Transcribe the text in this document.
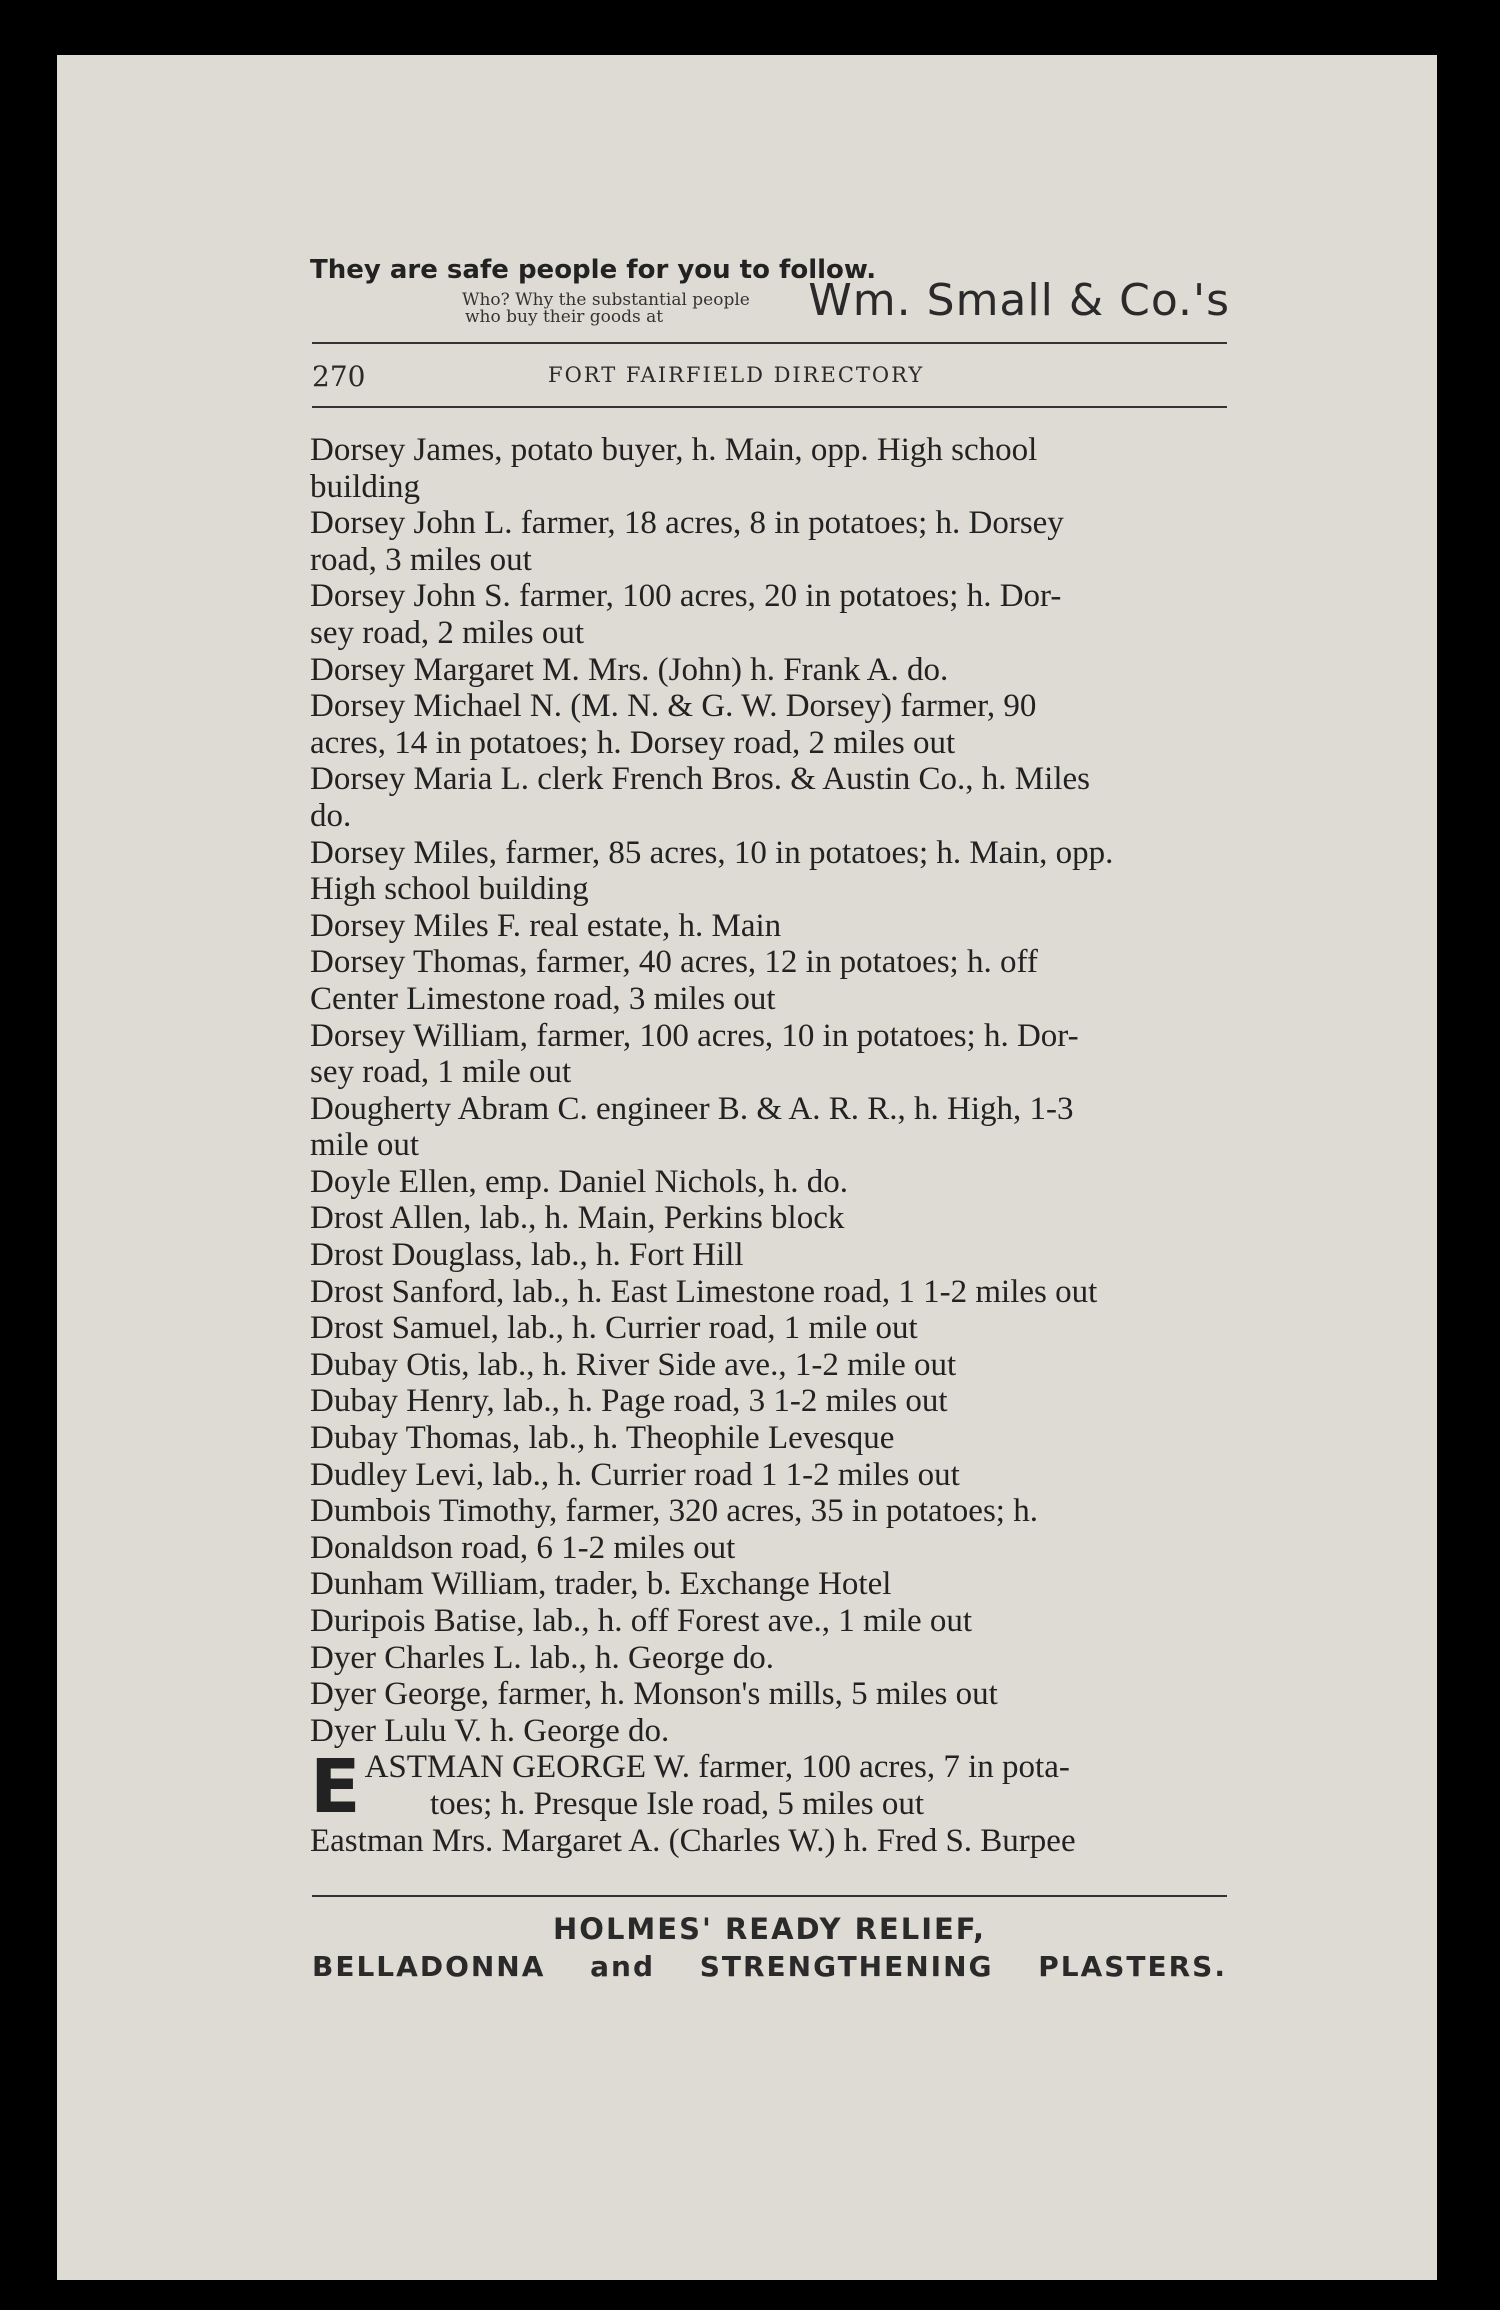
They are safe people for you to follow.
Who? Why the substantial people
who buy their goods at	Wm. Small & Co.'s
270	FORT FAIRFIELD DIRECTORY

Dorsey James, potato buyer, h. Main, opp. High school
building

Dorsey John L. farmer, 18 acres, 8 in potatoes; h. Dorsey
road, 3 miles out

Dorsey John S. farmer, 100 acres, 20 in potatoes; h. Dor-
sey road, 2 miles out

Dorsey Margaret M. Mrs. (John) h. Frank A. do.

Dorsey Michael N. (M. N. & G. W. Dorsey) farmer, 90
acres, 14 in potatoes; h. Dorsey road, 2 miles out

Dorsey Maria L. clerk French Bros. & Austin Co., h. Miles
do.

Dorsey Miles, farmer, 85 acres, 10 in potatoes; h. Main, opp.
High school building

Dorsey Miles F. real estate, h. Main

Dorsey Thomas, farmer, 40 acres, 12 in potatoes; h. off
Center Limestone road, 3 miles out

Dorsey William, farmer, 100 acres, 10 in potatoes; h. Dor-
sey road, 1 mile out

Dougherty Abram C. engineer B. & A. R. R., h. High, 1-3
mile out

Doyle Ellen, emp. Daniel Nichols, h. do.

Drost Allen, lab., h. Main, Perkins block

Drost Douglass, lab., h. Fort Hill

Drost Sanford, lab., h. East Limestone road, 1 1-2 miles out

Drost Samuel, lab., h. Currier road, 1 mile out

Dubay Otis, lab., h. River Side ave., 1-2 mile out

Dubay Henry, lab., h. Page road, 3 1-2 miles out

Dubay Thomas, lab., h. Theophile Levesque

Dudley Levi, lab., h. Currier road 1 1-2 miles out

Dumbois Timothy, farmer, 320 acres, 35 in potatoes; h.
Donaldson road, 6 1-2 miles out

Dunham William, trader, b. Exchange Hotel

Duripois Batise, lab., h. off Forest ave., 1 mile out

Dyer Charles L. lab., h. George do.

Dyer George, farmer, h. Monson's mills, 5 miles out

Dyer Lulu V. h. George do.

E ASTMAN GEORGE W. farmer, 100 acres, 7 in pota-
toes; h. Presque Isle road, 5 miles out

Eastman Mrs. Margaret A. (Charles W.) h. Fred S. Burpee

HOLMES' READY RELIEF,
BELLADONNA and STRENGTHENING PLASTERS.
